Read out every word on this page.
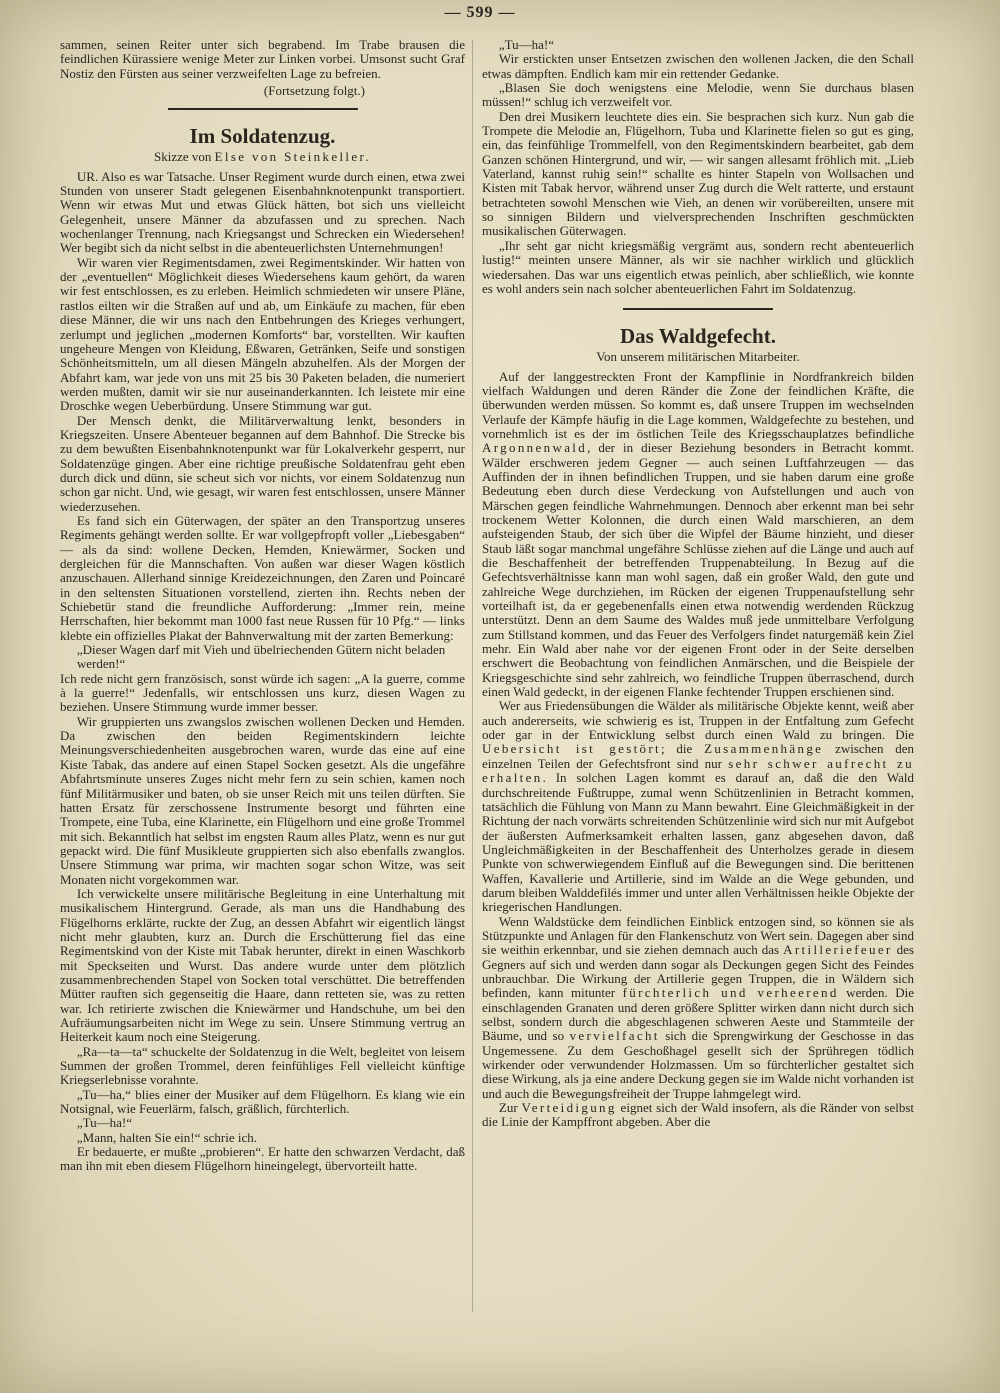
— 599 —

sammen, seinen Reiter unter sich begrabend. Im Trabe brausen die feindlichen Kürassiere wenige Meter zur Linken vorbei. Umsonst sucht Graf Nostiz den Fürsten aus seiner verzweifelten Lage zu befreien.

(Fortsetzung folgt.)
Im Soldatenzug.
Skizze von Else von Steinkeller.

UR. Also es war Tatsache. Unser Regiment wurde durch einen, etwa zwei Stunden von unserer Stadt gelegenen Eisenbahnknotenpunkt transportiert. Wenn wir etwas Mut und etwas Glück hätten, bot sich uns vielleicht Gelegenheit, unsere Männer da abzufassen und zu sprechen. Nach wochenlanger Trennung, nach Kriegsangst und Schrecken ein Wiedersehen! Wer begibt sich da nicht selbst in die abenteuerlichsten Unternehmungen!

Wir waren vier Regimentsdamen, zwei Regimentskinder. Wir hatten von der „eventuellen“ Möglichkeit dieses Wiedersehens kaum gehört, da waren wir fest entschlossen, es zu erleben. Heimlich schmiedeten wir unsere Pläne, rastlos eilten wir die Straßen auf und ab, um Einkäufe zu machen, für eben diese Männer, die wir uns nach den Entbehrungen des Krieges verhungert, zerlumpt und jeglichen „modernen Komforts“ bar, vorstellten. Wir kauften ungeheure Mengen von Kleidung, Eßwaren, Getränken, Seife und sonstigen Schönheitsmitteln, um all diesen Mängeln abzuhelfen. Als der Morgen der Abfahrt kam, war jede von uns mit 25 bis 30 Paketen beladen, die numeriert werden mußten, damit wir sie nur auseinanderkannten. Ich leistete mir eine Droschke wegen Ueberbürdung. Unsere Stimmung war gut.

Der Mensch denkt, die Militärverwaltung lenkt, besonders in Kriegszeiten. Unsere Abenteuer begannen auf dem Bahnhof. Die Strecke bis zu dem bewußten Eisenbahnknotenpunkt war für Lokalverkehr gesperrt, nur Soldatenzüge gingen. Aber eine richtige preußische Soldatenfrau geht eben durch dick und dünn, sie scheut sich vor nichts, vor einem Soldatenzug nun schon gar nicht. Und, wie gesagt, wir waren fest entschlossen, unsere Männer wiederzusehen.

Es fand sich ein Güterwagen, der später an den Transportzug unseres Regiments gehängt werden sollte. Er war vollgepfropft voller „Liebesgaben“ — als da sind: wollene Decken, Hemden, Kniewärmer, Socken und dergleichen für die Mannschaften. Von außen war dieser Wagen köstlich anzuschauen. Allerhand sinnige Kreidezeichnungen, den Zaren und Poincaré in den seltensten Situationen vorstellend, zierten ihn. Rechts neben der Schiebetür stand die freundliche Aufforderung: „Immer rein, meine Herrschaften, hier bekommt man 1000 fast neue Russen für 10 Pfg.“ — links klebte ein offizielles Plakat der Bahnverwaltung mit der zarten Bemerkung:

„Dieser Wagen darf mit Vieh und übelriechenden Gütern nicht beladen werden!“

Ich rede nicht gern französisch, sonst würde ich sagen: „A la guerre, comme à la guerre!“ Jedenfalls, wir entschlossen uns kurz, diesen Wagen zu beziehen. Unsere Stimmung wurde immer besser.

Wir gruppierten uns zwangslos zwischen wollenen Decken und Hemden. Da zwischen den beiden Regimentskindern leichte Meinungsverschiedenheiten ausgebrochen waren, wurde das eine auf eine Kiste Tabak, das andere auf einen Stapel Socken gesetzt. Als die ungefähre Abfahrtsminute unseres Zuges nicht mehr fern zu sein schien, kamen noch fünf Militärmusiker und baten, ob sie unser Reich mit uns teilen dürften. Sie hatten Ersatz für zerschossene Instrumente besorgt und führten eine Trompete, eine Tuba, eine Klarinette, ein Flügelhorn und eine große Trommel mit sich. Bekanntlich hat selbst im engsten Raum alles Platz, wenn es nur gut gepackt wird. Die fünf Musikleute gruppierten sich also ebenfalls zwanglos. Unsere Stimmung war prima, wir machten sogar schon Witze, was seit Monaten nicht vorgekommen war.

Ich verwickelte unsere militärische Begleitung in eine Unterhaltung mit musikalischem Hintergrund. Gerade, als man uns die Handhabung des Flügelhorns erklärte, ruckte der Zug, an dessen Abfahrt wir eigentlich längst nicht mehr glaubten, kurz an. Durch die Erschütterung fiel das eine Regimentskind von der Kiste mit Tabak herunter, direkt in einen Waschkorb mit Speckseiten und Wurst. Das andere wurde unter dem plötzlich zusammenbrechenden Stapel von Socken total verschüttet. Die betreffenden Mütter rauften sich gegenseitig die Haare, dann retteten sie, was zu retten war. Ich retirierte zwischen die Kniewärmer und Handschuhe, um bei den Aufräumungsarbeiten nicht im Wege zu sein. Unsere Stimmung vertrug an Heiterkeit kaum noch eine Steigerung.

„Ra—ta—ta“ schuckelte der Soldatenzug in die Welt, begleitet von leisem Summen der großen Trommel, deren feinfühliges Fell vielleicht künftige Kriegserlebnisse vorahnte.

„Tu—ha,“ blies einer der Musiker auf dem Flügelhorn. Es klang wie ein Notsignal, wie Feuerlärm, falsch, gräßlich, fürchterlich.

„Tu—ha!“

„Mann, halten Sie ein!“ schrie ich.

Er bedauerte, er mußte „probieren“. Er hatte den schwarzen Verdacht, daß man ihn mit eben diesem Flügelhorn hineingelegt, übervorteilt hatte.

„Tu—ha!“

Wir erstickten unser Entsetzen zwischen den wollenen Jacken, die den Schall etwas dämpften. Endlich kam mir ein rettender Gedanke.

„Blasen Sie doch wenigstens eine Melodie, wenn Sie durchaus blasen müssen!“ schlug ich verzweifelt vor.

Den drei Musikern leuchtete dies ein. Sie besprachen sich kurz. Nun gab die Trompete die Melodie an, Flügelhorn, Tuba und Klarinette fielen so gut es ging, ein, das feinfühlige Trommelfell, von den Regimentskindern bearbeitet, gab dem Ganzen schönen Hintergrund, und wir, — wir sangen allesamt fröhlich mit. „Lieb Vaterland, kannst ruhig sein!“ schallte es hinter Stapeln von Wollsachen und Kisten mit Tabak hervor, während unser Zug durch die Welt ratterte, und erstaunt betrachteten sowohl Menschen wie Vieh, an denen wir vorübereilten, unsere mit so sinnigen Bildern und vielversprechenden Inschriften geschmückten musikalischen Güterwagen.

„Ihr seht gar nicht kriegsmäßig vergrämt aus, sondern recht abenteuerlich lustig!“ meinten unsere Männer, als wir sie nachher wirklich und glücklich wiedersahen. Das war uns eigentlich etwas peinlich, aber schließlich, wie konnte es wohl anders sein nach solcher abenteuerlichen Fahrt im Soldatenzug.

Das Waldgefecht.
Von unserem militärischen Mitarbeiter.

Auf der langgestreckten Front der Kampflinie in Nordfrankreich bilden vielfach Waldungen und deren Ränder die Zone der feindlichen Kräfte, die überwunden werden müssen. So kommt es, daß unsere Truppen im wechselnden Verlaufe der Kämpfe häufig in die Lage kommen, Waldgefechte zu bestehen, und vornehmlich ist es der im östlichen Teile des Kriegsschauplatzes befindliche Argonnenwald, der in dieser Beziehung besonders in Betracht kommt. Wälder erschweren jedem Gegner — auch seinen Luftfahrzeugen — das Auffinden der in ihnen befindlichen Truppen, und sie haben darum eine große Bedeutung eben durch diese Verdeckung von Aufstellungen und auch von Märschen gegen feindliche Wahrnehmungen. Dennoch aber erkennt man bei sehr trockenem Wetter Kolonnen, die durch einen Wald marschieren, an dem aufsteigenden Staub, der sich über die Wipfel der Bäume hinzieht, und dieser Staub läßt sogar manchmal ungefähre Schlüsse ziehen auf die Länge und auch auf die Beschaffenheit der betreffenden Truppenabteilung. In Bezug auf die Gefechtsverhältnisse kann man wohl sagen, daß ein großer Wald, den gute und zahlreiche Wege durchziehen, im Rücken der eigenen Truppenaufstellung sehr vorteilhaft ist, da er gegebenenfalls einen etwa notwendig werdenden Rückzug unterstützt. Denn an dem Saume des Waldes muß jede unmittelbare Verfolgung zum Stillstand kommen, und das Feuer des Verfolgers findet naturgemäß kein Ziel mehr. Ein Wald aber nahe vor der eigenen Front oder in der Seite derselben erschwert die Beobachtung von feindlichen Anmärschen, und die Beispiele der Kriegsgeschichte sind sehr zahlreich, wo feindliche Truppen überraschend, durch einen Wald gedeckt, in der eigenen Flanke fechtender Truppen erschienen sind.

Wer aus Friedensübungen die Wälder als militärische Objekte kennt, weiß aber auch andererseits, wie schwierig es ist, Truppen in der Entfaltung zum Gefecht oder gar in der Entwicklung selbst durch einen Wald zu bringen. Die Uebersicht ist gestört; die Zusammenhänge zwischen den einzelnen Teilen der Gefechtsfront sind nur sehr schwer aufrecht zu erhalten. In solchen Lagen kommt es darauf an, daß die den Wald durchschreitende Fußtruppe, zumal wenn Schützenlinien in Betracht kommen, tatsächlich die Fühlung von Mann zu Mann bewahrt. Eine Gleichmäßigkeit in der Richtung der nach vorwärts schreitenden Schützenlinie wird sich nur mit Aufgebot der äußersten Aufmerksamkeit erhalten lassen, ganz abgesehen davon, daß Ungleichmäßigkeiten in der Beschaffenheit des Unterholzes gerade in diesem Punkte von schwerwiegendem Einfluß auf die Bewegungen sind. Die berittenen Waffen, Kavallerie und Artillerie, sind im Walde an die Wege gebunden, und darum bleiben Walddefilés immer und unter allen Verhältnissen heikle Objekte der kriegerischen Handlungen.

Wenn Waldstücke dem feindlichen Einblick entzogen sind, so können sie als Stützpunkte und Anlagen für den Flankenschutz von Wert sein. Dagegen aber sind sie weithin erkennbar, und sie ziehen demnach auch das Artilleriefeuer des Gegners auf sich und werden dann sogar als Deckungen gegen Sicht des Feindes unbrauchbar. Die Wirkung der Artillerie gegen Truppen, die in Wäldern sich befinden, kann mitunter fürchterlich und verheerend werden. Die einschlagenden Granaten und deren größere Splitter wirken dann nicht durch sich selbst, sondern durch die abgeschlagenen schweren Aeste und Stammteile der Bäume, und so vervielfacht sich die Sprengwirkung der Geschosse in das Ungemessene. Zu dem Geschoßhagel gesellt sich der Sprühregen tödlich wirkender oder verwundender Holzmassen. Um so fürchterlicher gestaltet sich diese Wirkung, als ja eine andere Deckung gegen sie im Walde nicht vorhanden ist und auch die Bewegungsfreiheit der Truppe lahmgelegt wird.

Zur Verteidigung eignet sich der Wald insofern, als die Ränder von selbst die Linie der Kampffront abgeben. Aber die
